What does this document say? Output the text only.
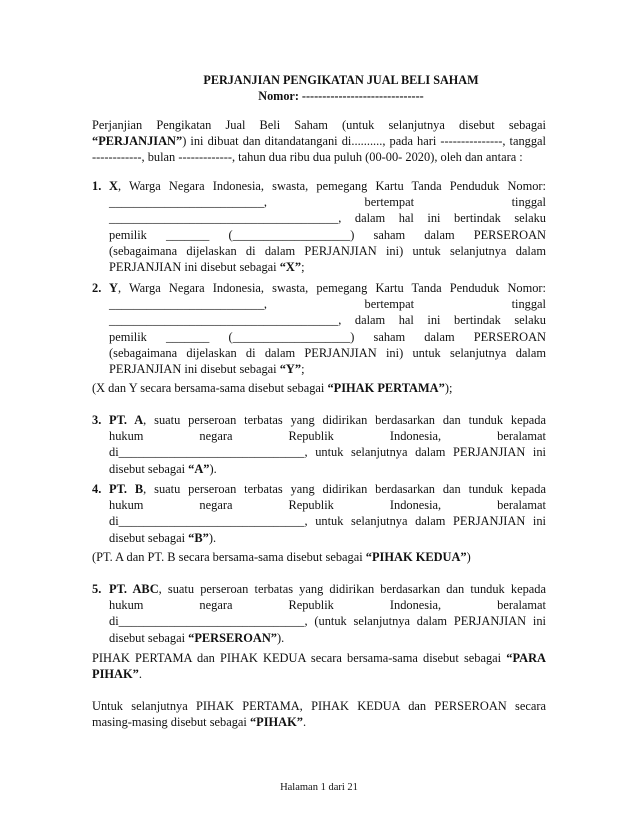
PERJANJIAN PENGIKATAN JUAL BELI SAHAM
Nomor: ------------------------------
Perjanjian Pengikatan Jual Beli Saham (untuk selanjutnya disebut sebagai
“PERJANJIAN”) ini dibuat dan ditandatangani di.........., pada hari ---------------, tanggal
------------, bulan -------------, tahun dua ribu dua puluh (00-00- 2020), oleh dan antara :
1. X, Warga Negara Indonesia, swasta, pemegang Kartu Tanda Penduduk Nomor:
_________________________, bertempat tinggal
_____________________________________, dalam hal ini bertindak selaku
pemilik _______ (___________________) saham dalam PERSEROAN
(sebagaimana dijelaskan di dalam PERJANJIAN ini) untuk selanjutnya dalam
PERJANJIAN ini disebut sebagai “X”;
2. Y, Warga Negara Indonesia, swasta, pemegang Kartu Tanda Penduduk Nomor:
_________________________, bertempat tinggal
_____________________________________, dalam hal ini bertindak selaku
pemilik _______ (___________________) saham dalam PERSEROAN
(sebagaimana dijelaskan di dalam PERJANJIAN ini) untuk selanjutnya dalam
PERJANJIAN ini disebut sebagai “Y”;
(X dan Y secara bersama-sama disebut sebagai “PIHAK PERTAMA”);
3. PT. A, suatu perseroan terbatas yang didirikan berdasarkan dan tunduk kepada
hukum negara Republik Indonesia, beralamat
di______________________________, untuk selanjutnya dalam PERJANJIAN ini
disebut sebagai “A”).
4. PT. B, suatu perseroan terbatas yang didirikan berdasarkan dan tunduk kepada
hukum negara Republik Indonesia, beralamat
di______________________________, untuk selanjutnya dalam PERJANJIAN ini
disebut sebagai “B”).
(PT. A dan PT. B secara bersama-sama disebut sebagai “PIHAK KEDUA”)
5. PT. ABC, suatu perseroan terbatas yang didirikan berdasarkan dan tunduk kepada
hukum negara Republik Indonesia, beralamat
di______________________________, (untuk selanjutnya dalam PERJANJIAN ini
disebut sebagai “PERSEROAN”).
PIHAK PERTAMA dan PIHAK KEDUA secara bersama-sama disebut sebagai “PARA
PIHAK”.
Untuk selanjutnya PIHAK PERTAMA, PIHAK KEDUA dan PERSEROAN secara
masing-masing disebut sebagai “PIHAK”.
Halaman 1 dari 21
